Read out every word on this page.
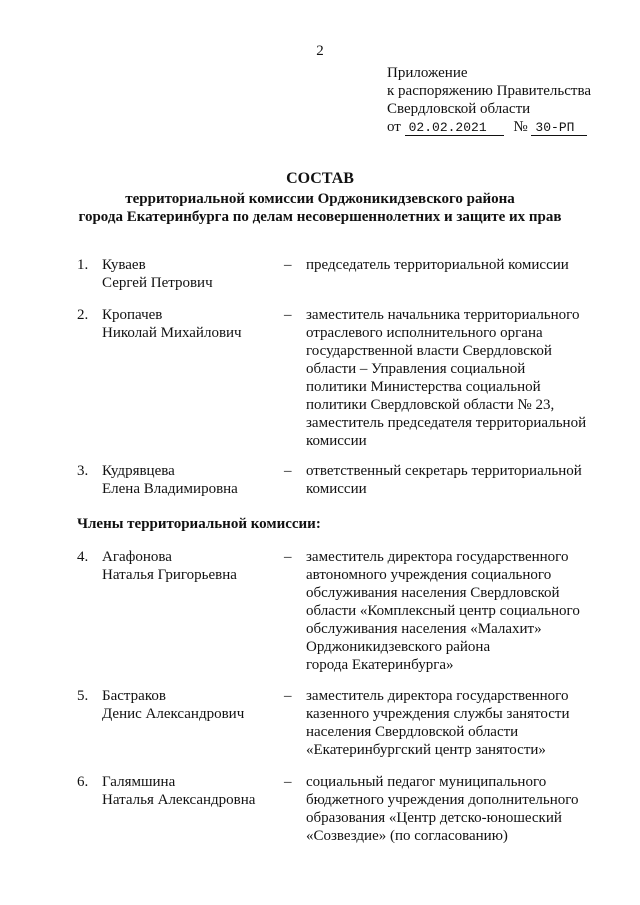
2
Приложение
к распоряжению Правительства
Свердловской области
от 02.02.2021 № 30-РП
СОСТАВ
территориальной комиссии Орджоникидзевского района
города Екатеринбурга по делам несовершеннолетних и защите их прав
1. Куваев
Сергей Петрович
– председатель территориальной комиссии
2. Кропачев
Николай Михайлович
– заместитель начальника территориального
отраслевого исполнительного органа
государственной власти Свердловской
области – Управления социальной
политики Министерства социальной
политики Свердловской области № 23,
заместитель председателя территориальной
комиссии
3. Кудрявцева
Елена Владимировна
– ответственный секретарь территориальной
комиссии
Члены территориальной комиссии:
4. Агафонова
Наталья Григорьевна
– заместитель директора государственного
автономного учреждения социального
обслуживания населения Свердловской
области «Комплексный центр социального
обслуживания населения «Малахит»
Орджоникидзевского района
города Екатеринбурга»
5. Бастраков
Денис Александрович
– заместитель директора государственного
казенного учреждения службы занятости
населения Свердловской области
«Екатеринбургский центр занятости»
6. Галямшина
Наталья Александровна
– социальный педагог муниципального
бюджетного учреждения дополнительного
образования «Центр детско-юношеский
«Созвездие» (по согласованию)
